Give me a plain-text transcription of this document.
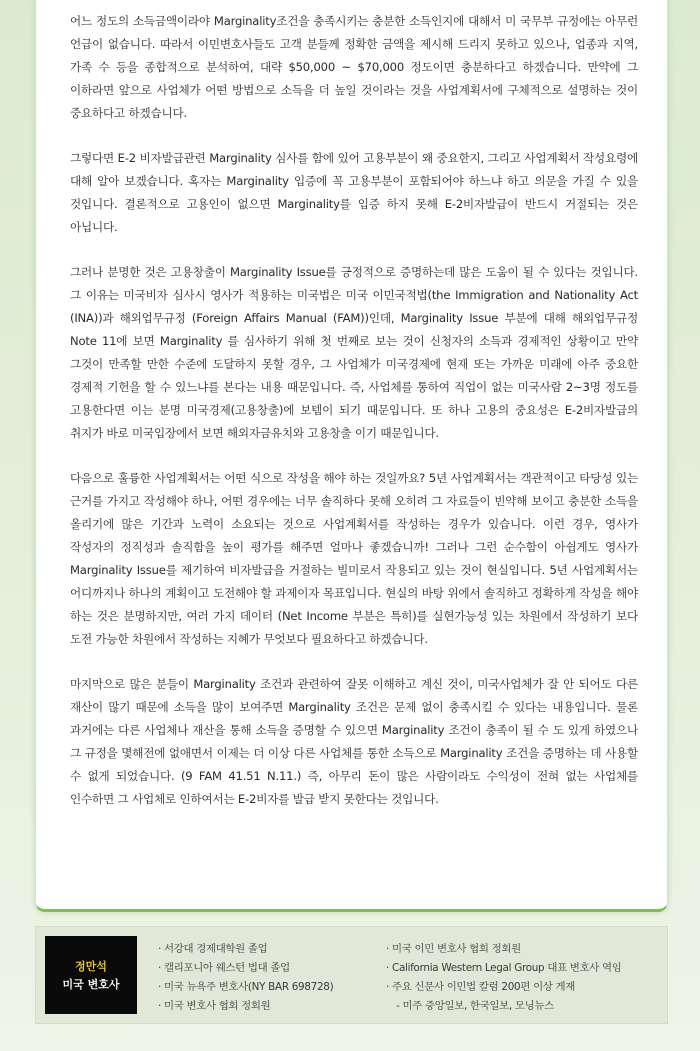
어느 정도의 소득금액이라야 Marginality조건을 충족시키는 충분한 소득인지에 대해서 미 국무부 규정에는 아무런 언급이 없습니다. 따라서 이민변호사들도 고객 분들께 정확한 금액을 제시해 드리지 못하고 있으나, 업종과 지역, 가족 수 등을 종합적으로 분석하여, 대략 $50,000 ~ $70,000 정도이면 충분하다고 하겠습니다. 만약에 그 이하라면 앞으로 사업체가 어떤 방법으로 소득을 더 높일 것이라는 것을 사업계획서에 구체적으로 설명하는 것이 중요하다고 하겠습니다.

그렇다면 E-2 비자발급관련 Marginality 심사를 함에 있어 고용부분이 왜 중요한지, 그리고 사업계획서 작성요령에 대해 알아 보겠습니다. 혹자는 Marginality 입증에 꼭 고용부분이 포함되어야 하느냐 하고 의문을 가질 수 있을 것입니다. 결론적으로 고용인이 없으면 Marginality를 입증 하지 못해 E-2비자발급이 반드시 거절되는 것은 아닙니다.

그러나 분명한 것은 고용창출이 Marginality Issue를 긍정적으로 증명하는데 많은 도움이 될 수 있다는 것입니다. 그 이유는 미국비자 심사시 영사가 적용하는 미국법은 미국 이민국적법(the Immigration and Nationality Act (INA))과 해외업무규정 (Foreign Affairs Manual (FAM))인데, Marginality Issue 부분에 대해 해외업무규정 Note 11에 보면 Marginality 를 심사하기 위해 첫 번째로 보는 것이 신청자의 소득과 경제적인 상황이고 만약 그것이 만족할 만한 수준에 도달하지 못할 경우, 그 사업체가 미국경제에 현재 또는 가까운 미래에 아주 중요한 경제적 기헌을 할 수 있느냐를 본다는 내용 때문입니다. 즉, 사업체를 통하여 직업이 없는 미국사람 2~3명 정도를 고용한다면 이는 분명 미국경제(고용창출)에 보템이 되기 때문입니다. 또 하나 고용의 중요성은 E-2비자발급의 취지가 바로 미국입장에서 보면 해외자금유치와 고용창출 이기 때문입니다.

다음으로 훌륭한 사업계획서는 어떤 식으로 작성을 해야 하는 것일까요? 5년 사업계획서는 객관적이고 타당성 있는 근거를 가지고 작성해야 하나, 어떤 경우에는 너무 솔직하다 못해 오히려 그 자료들이 빈약해 보이고 충분한 소득을 올리기에 많은 기간과 노력이 소요되는 것으로 사업계획서를 작성하는 경우가 있습니다. 이런 경우, 영사가 작성자의 정직성과 솔직함을 높이 평가를 해주면 얼마나 좋겠습니까! 그러나 그런 순수함이 아쉽게도 영사가 Marginality Issue를 제기하여 비자발급을 거절하는 빌미로서 작용되고 있는 것이 현실입니다. 5년 사업계획서는 어디까지나 하나의 계획이고 도전해야 할 과제이자 목표입니다. 현실의 바탕 위에서 솔직하고 정확하게 작성을 해야 하는 것은 분명하지만, 여러 가지 데이터 (Net Income 부분은 특히)를 실현가능성 있는 차원에서 작성하기 보다 도전 가능한 차원에서 작성하는 지혜가 무엇보다 필요하다고 하겠습니다.

마지막으로 많은 분들이 Marginality 조건과 관련하여 잘못 이해하고 계신 것이, 미국사업체가 잘 안 되어도 다른 재산이 많기 때문에 소득을 많이 보여주면 Marginality 조건은 문제 없이 충족시킬 수 있다는 내용입니다. 물론 과거에는 다른 사업체나 재산을 통해 소득을 증명할 수 있으면 Marginality 조건이 충족이 될 수 도 있게 하였으나 그 규정을 몇해전에 없애면서 이제는 더 이상 다른 사업체를 통한 소득으로 Marginality 조건을 증명하는 데 사용할 수 없게 되었습니다. (9 FAM 41.51 N.11.) 즉, 아무리 돈이 많은 사람이라도 수익성이 전혀 없는 사업체를 인수하면 그 사업체로 인하여서는 E-2비자를 발급 받지 못한다는 것입니다.

정만석
미국 변호사
· 서강대 경제대학원 졸업
· 캘리포니아 웨스턴 법대 졸업
· 미국 뉴욕주 변호사(NY BAR 698728)
· 미국 변호사 협회 정회원
· 미국 이민 변호사 협회 정회원
· California Western Legal Group 대표 변호사 역임
· 주요 신문사 이민법 칼럼 200편 이상 게재
　- 미주 중앙일보, 한국일보, 모닝뉴스
